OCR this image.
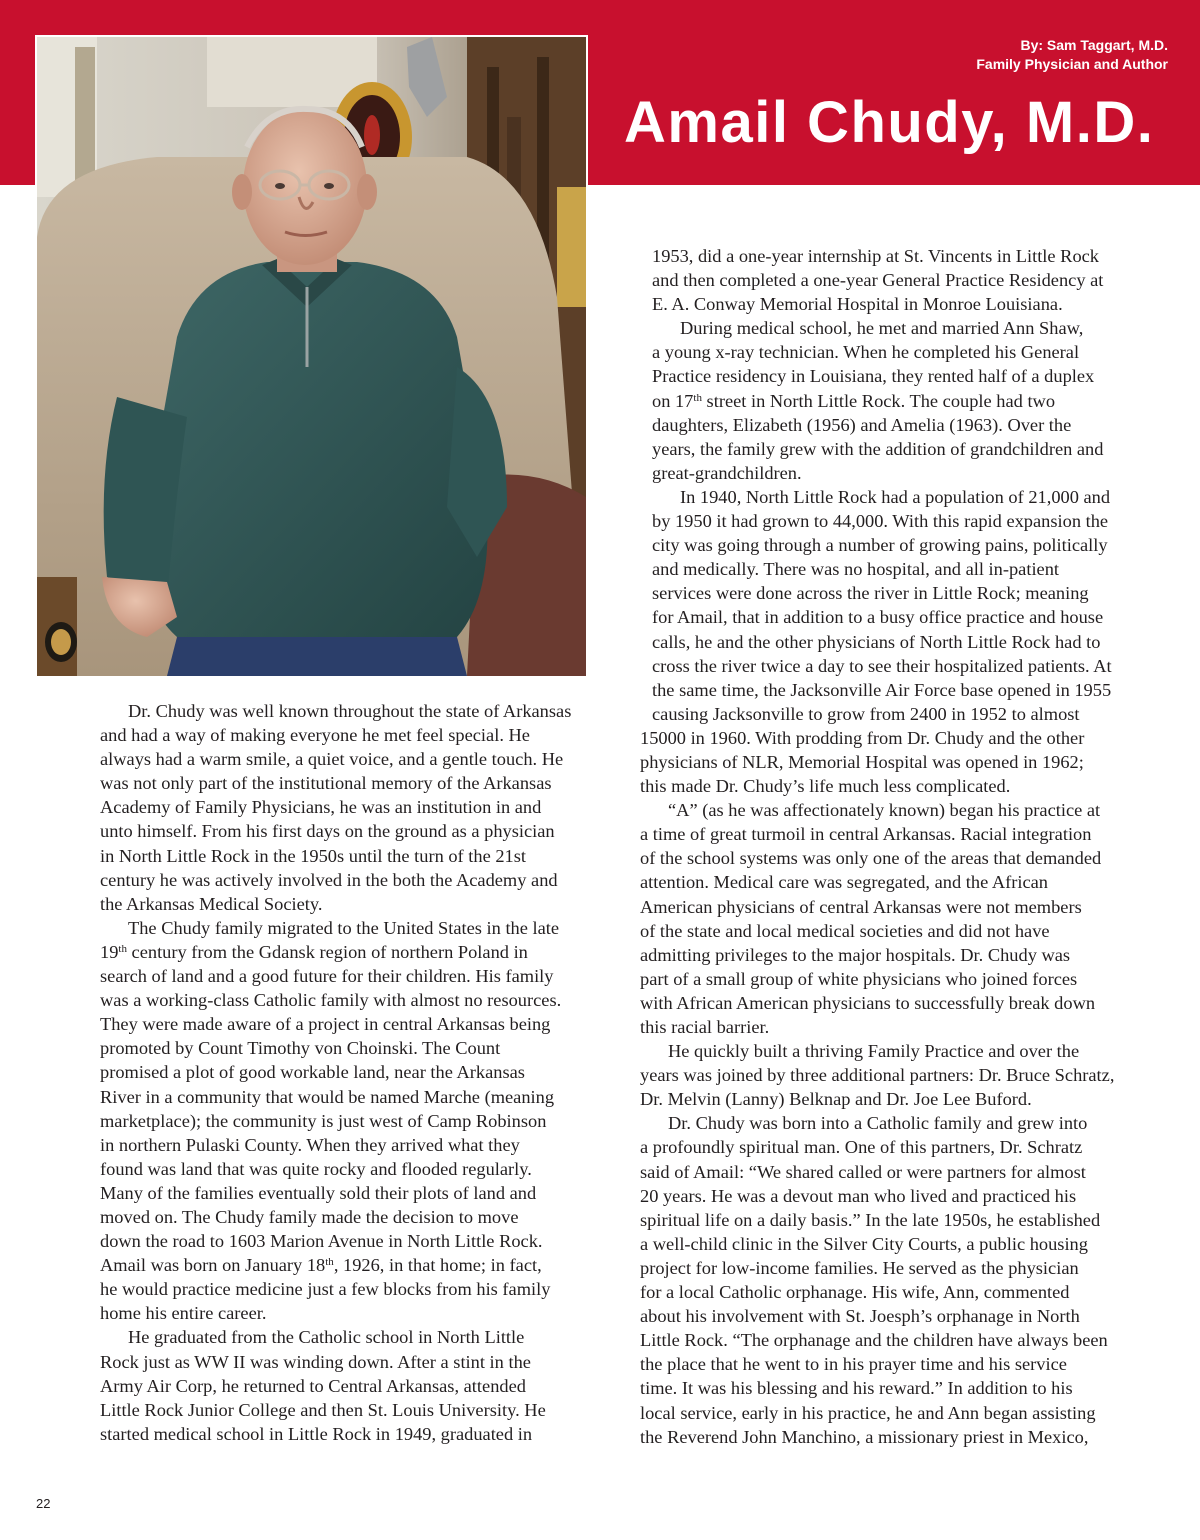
By: Sam Taggart, M.D.
Family Physician and Author
Amail Chudy, M.D.

Dr. Chudy was well known throughout the state of Arkansas
and had a way of making everyone he met feel special. He
always had a warm smile, a quiet voice, and a gentle touch. He
was not only part of the institutional memory of the Arkansas
Academy of Family Physicians, he was an institution in and
unto himself. From his first days on the ground as a physician
in North Little Rock in the 1950s until the turn of the 21st
century he was actively involved in the both the Academy and
the Arkansas Medical Society.

The Chudy family migrated to the United States in the late
19th century from the Gdansk region of northern Poland in
search of land and a good future for their children. His family
was a working-class Catholic family with almost no resources.
They were made aware of a project in central Arkansas being
promoted by Count Timothy von Choinski. The Count
promised a plot of good workable land, near the Arkansas
River in a community that would be named Marche (meaning
marketplace); the community is just west of Camp Robinson
in northern Pulaski County. When they arrived what they
found was land that was quite rocky and flooded regularly.
Many of the families eventually sold their plots of land and
moved on. The Chudy family made the decision to move
down the road to 1603 Marion Avenue in North Little Rock.
Amail was born on January 18th, 1926, in that home; in fact,
he would practice medicine just a few blocks from his family
home his entire career.

He graduated from the Catholic school in North Little
Rock just as WW II was winding down. After a stint in the
Army Air Corp, he returned to Central Arkansas, attended
Little Rock Junior College and then St. Louis University. He
started medical school in Little Rock in 1949, graduated in

1953, did a one-year internship at St. Vincents in Little Rock
and then completed a one-year General Practice Residency at
E. A. Conway Memorial Hospital in Monroe Louisiana.

During medical school, he met and married Ann Shaw,
a young x-ray technician. When he completed his General
Practice residency in Louisiana, they rented half of a duplex
on 17th street in North Little Rock. The couple had two
daughters, Elizabeth (1956) and Amelia (1963). Over the
years, the family grew with the addition of grandchildren and
great-grandchildren.

In 1940, North Little Rock had a population of 21,000 and
by 1950 it had grown to 44,000. With this rapid expansion the
city was going through a number of growing pains, politically
and medically. There was no hospital, and all in-patient
services were done across the river in Little Rock; meaning
for Amail, that in addition to a busy office practice and house
calls, he and the other physicians of North Little Rock had to
cross the river twice a day to see their hospitalized patients. At
the same time, the Jacksonville Air Force base opened in 1955
causing Jacksonville to grow from 2400 in 1952 to almost
15000 in 1960. With prodding from Dr. Chudy and the other
physicians of NLR, Memorial Hospital was opened in 1962;
this made Dr. Chudy’s life much less complicated.

“A” (as he was affectionately known) began his practice at
a time of great turmoil in central Arkansas. Racial integration
of the school systems was only one of the areas that demanded
attention. Medical care was segregated, and the African
American physicians of central Arkansas were not members
of the state and local medical societies and did not have
admitting privileges to the major hospitals. Dr. Chudy was
part of a small group of white physicians who joined forces
with African American physicians to successfully break down
this racial barrier.

He quickly built a thriving Family Practice and over the
years was joined by three additional partners: Dr. Bruce Schratz,
Dr. Melvin (Lanny) Belknap and Dr. Joe Lee Buford.

Dr. Chudy was born into a Catholic family and grew into
a profoundly spiritual man. One of this partners, Dr. Schratz
said of Amail: “We shared called or were partners for almost
20 years. He was a devout man who lived and practiced his
spiritual life on a daily basis.” In the late 1950s, he established
a well-child clinic in the Silver City Courts, a public housing
project for low-income families. He served as the physician
for a local Catholic orphanage. His wife, Ann, commented
about his involvement with St. Joesph’s orphanage in North
Little Rock. “The orphanage and the children have always been
the place that he went to in his prayer time and his service
time. It was his blessing and his reward.” In addition to his
local service, early in his practice, he and Ann began assisting
the Reverend John Manchino, a missionary priest in Mexico,

22
